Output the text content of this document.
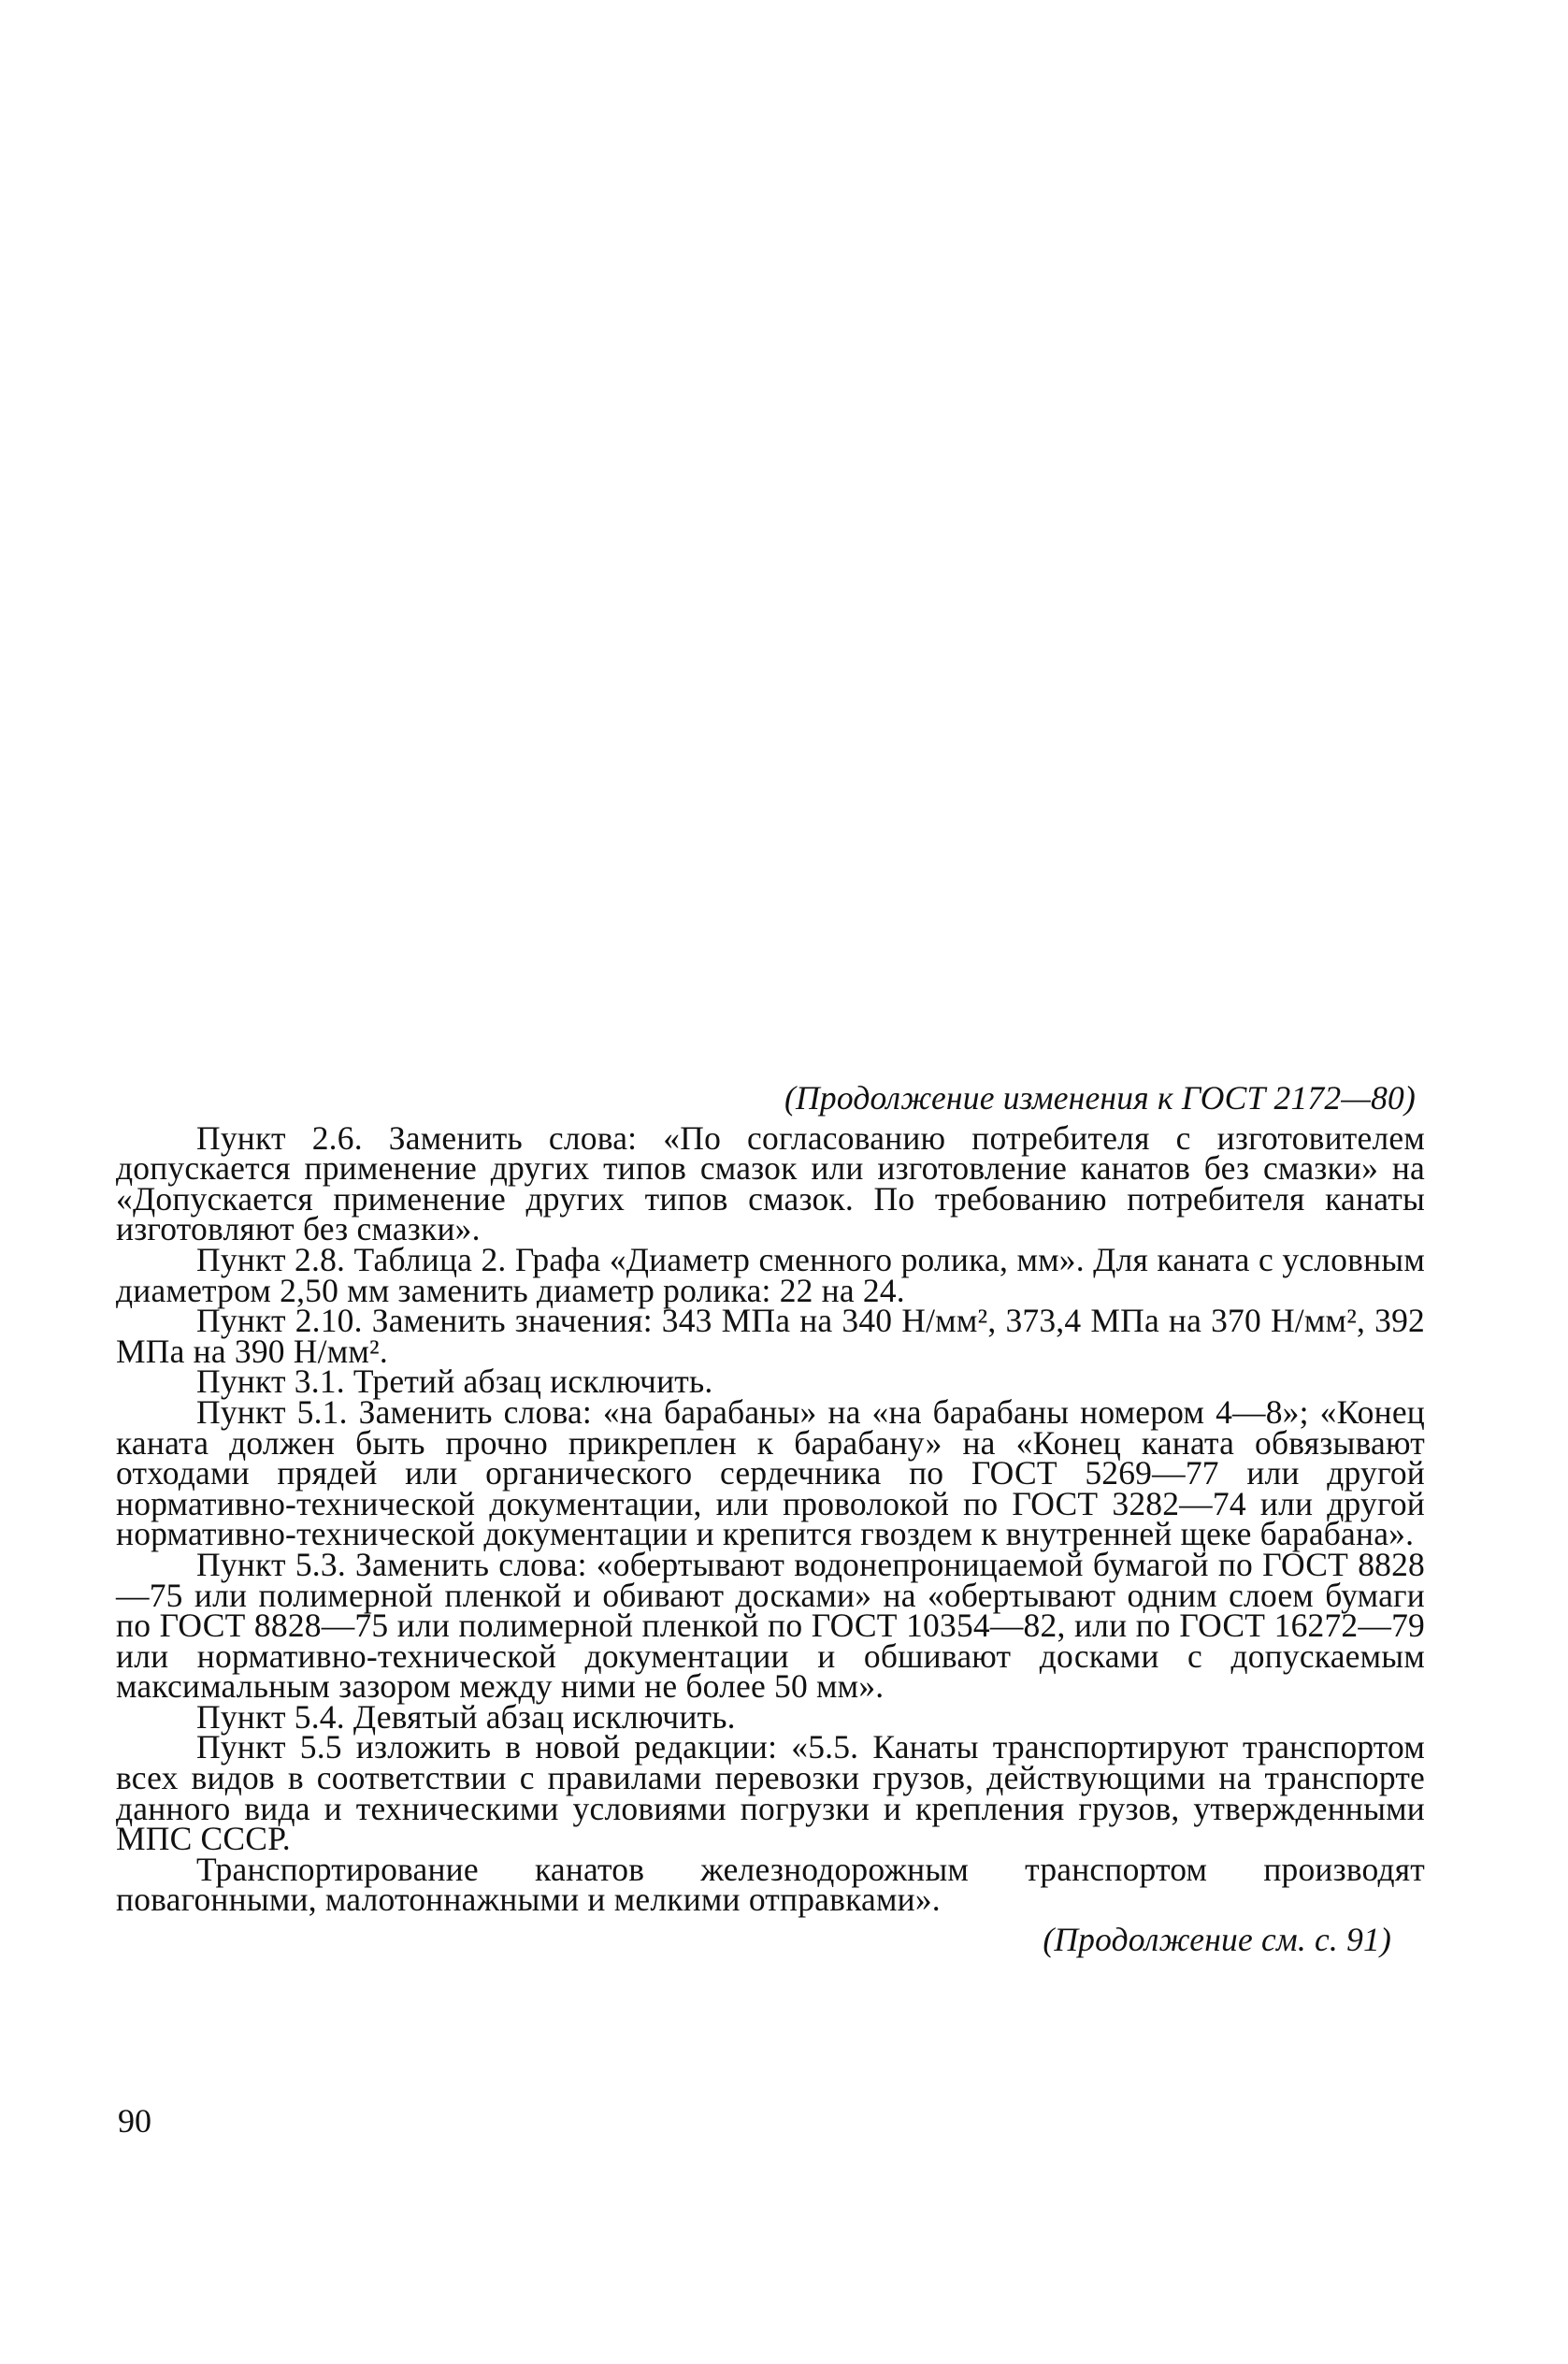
(Продолжение изменения к ГОСТ 2172—80)

Пункт 2.6. Заменить слова: «По согласованию потребителя с изготовителем допускается применение других типов смазок или изготовление канатов без смазки» на «Допускается применение других типов смазок. По требованию потребителя канаты изготовляют без смазки».

Пункт 2.8. Таблица 2. Графа «Диаметр сменного ролика, мм». Для каната с условным диаметром 2,50 мм заменить диаметр ролика: 22 на 24.

Пункт 2.10. Заменить значения: 343 МПа на 340 Н/мм², 373,4 МПа на 370 Н/мм², 392 МПа на 390 Н/мм².

Пункт 3.1. Третий абзац исключить.

Пункт 5.1. Заменить слова: «на барабаны» на «на барабаны номером 4—8»; «Конец каната должен быть прочно прикреплен к барабану» на «Конец каната обвязывают отходами прядей или органического сердечника по ГОСТ 5269—77 или другой нормативно-технической документации, или проволокой по ГОСТ 3282—74 или другой нормативно-технической документации и крепится гвоздем к внутренней щеке барабана».

Пункт 5.3. Заменить слова: «обертывают водонепроницаемой бумагой по ГОСТ 8828—75 или полимерной пленкой и обивают досками» на «обертывают одним слоем бумаги по ГОСТ 8828—75 или полимерной пленкой по ГОСТ 10354—82, или по ГОСТ 16272—79 или нормативно-технической документации и обшивают досками с допускаемым максимальным зазором между ними не более 50 мм».

Пункт 5.4. Девятый абзац исключить.

Пункт 5.5 изложить в новой редакции: «5.5. Канаты транспортируют транспортом всех видов в соответствии с правилами перевозки грузов, действующими на транспорте данного вида и техническими условиями погрузки и крепления грузов, утвержденными МПС СССР.

Транспортирование канатов железнодорожным транспортом производят повагонными, малотоннажными и мелкими отправками».

(Продолжение см. с. 91)

90
